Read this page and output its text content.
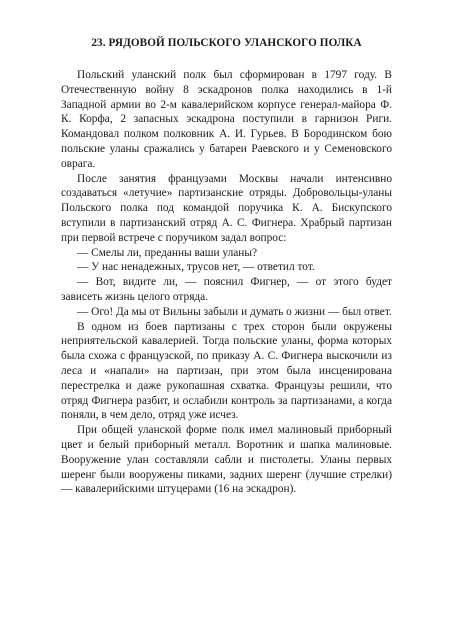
23. РЯДОВОЙ ПОЛЬСКОГО УЛАНСКОГО ПОЛКА

Польский уланский полк был сформирован в 1797 году. В Отечественную войну 8 эскадронов полка находились в 1-й Западной армии во 2-м кавалерийском корпусе генерал-майора Ф. К. Корфа, 2 запасных эскадрона поступили в гарнизон Риги. Командовал полком полковник А. И. Гурьев. В Бородинском бою польские уланы сражались у батареи Раевского и у Семеновского оврага.

После занятия французами Москвы начали интенсивно создаваться «летучие» партизанские отряды. Добровольцы-уланы Польского полка под командой поручика К. А. Бискупского вступили в партизанский отряд А. С. Фигнера. Храбрый партизан при первой встрече с поручиком задал вопрос:

— Смелы ли, преданны ваши уланы?

— У нас ненадежных, трусов нет, — ответил тот.

— Вот, видите ли, — пояснил Фигнер, — от этого будет зависеть жизнь целого отряда.

— Ого! Да мы от Вильны забыли и думать о жизни — был ответ.

В одном из боев партизаны с трех сторон были окружены неприятельской кавалерией. Тогда польские уланы, форма которых была схожа с французской, по приказу А. С. Фигнера выскочили из леса и «напали» на партизан, при этом была инсценирована перестрелка и даже рукопашная схватка. Французы решили, что отряд Фигнера разбит, и ослабили контроль за партизанами, а когда поняли, в чем дело, отряд уже исчез.

При общей уланской форме полк имел малиновый приборный цвет и белый приборный металл. Воротник и шапка малиновые. Вооружение улан составляли сабли и пистолеты. Уланы первых шеренг были вооружены пиками, задних шеренг (лучшие стрелки) — кавалерийскими штуцерами (16 на эскадрон).
